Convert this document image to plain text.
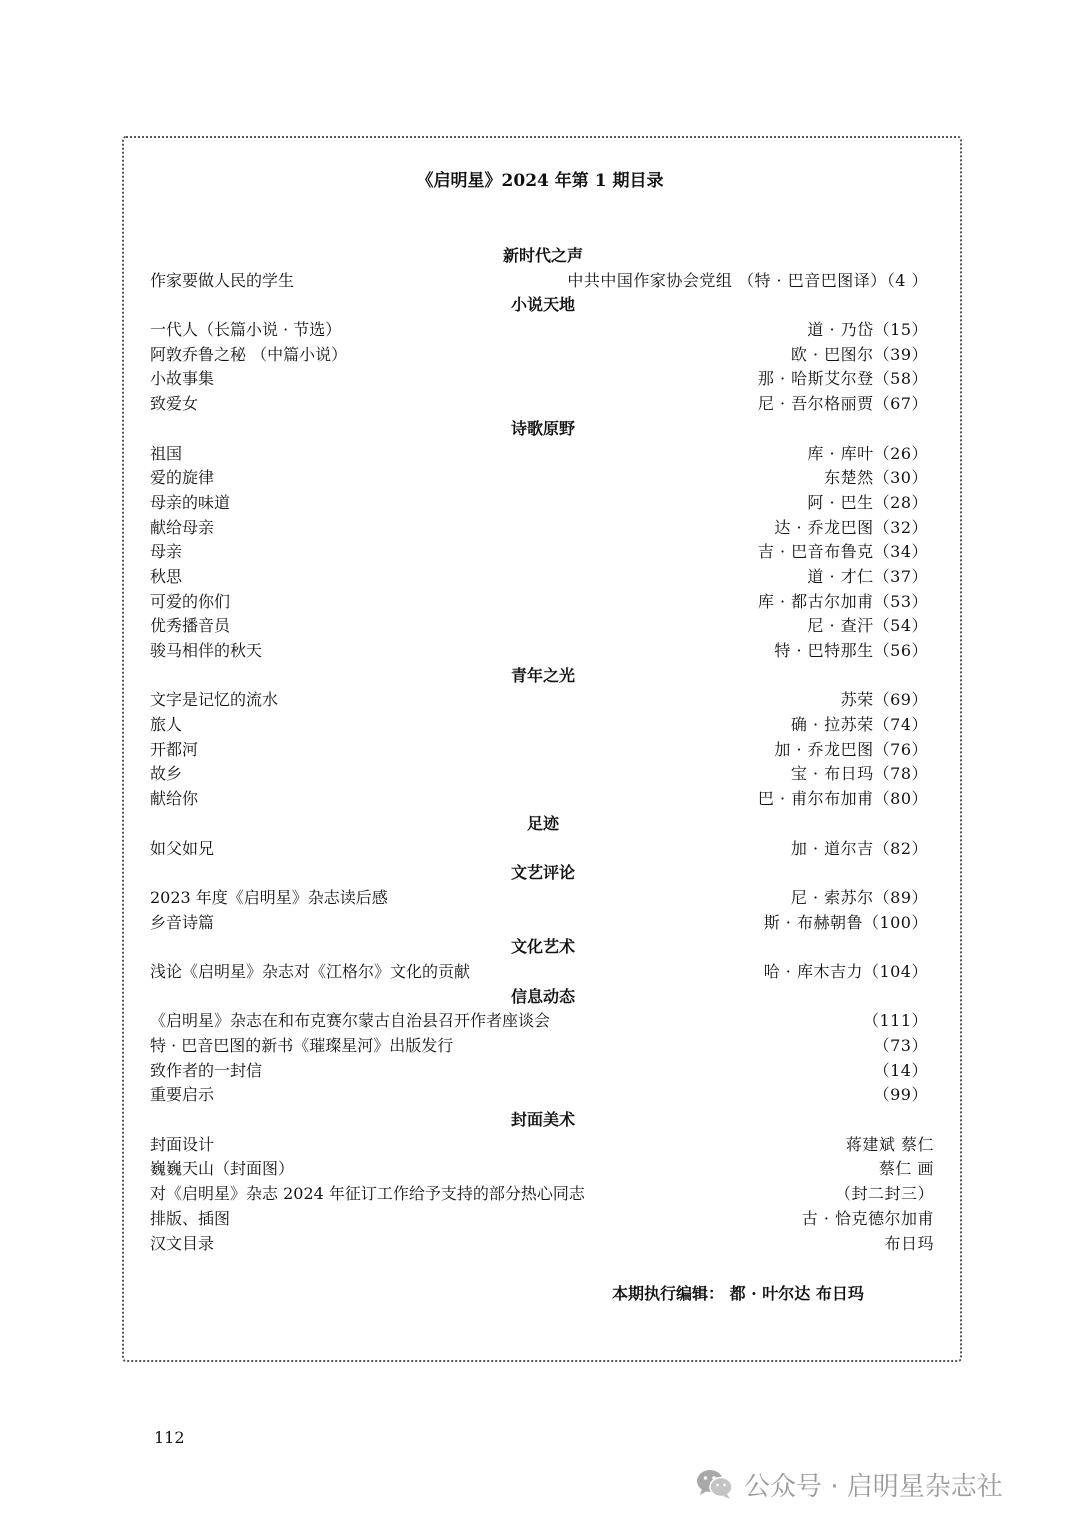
《启明星》2024 年第 1 期目录
新时代之声
作家要做人民的学生	中共中国作家协会党组 （特 · 巴音巴图译）（4 ）
小说天地
一代人（长篇小说 · 节选）	道 · 乃岱（15）
阿敦乔鲁之秘 （中篇小说）	欧 · 巴图尔（39）
小故事集	那 · 哈斯艾尔登（58）
致爱女	尼 · 吾尔格丽贾（67）
诗歌原野
祖国	库 · 库叶（26）
爱的旋律	东楚然（30）
母亲的味道	阿 · 巴生（28）
献给母亲	达 · 乔龙巴图（32）
母亲	吉 · 巴音布鲁克（34）
秋思	道 · 才仁（37）
可爱的你们	库 · 都古尔加甫（53）
优秀播音员	尼 · 查汗（54）
骏马相伴的秋天	特 · 巴特那生（56）
青年之光
文字是记忆的流水	苏荣（69）
旅人	确 · 拉苏荣（74）
开都河	加 · 乔龙巴图（76）
故乡	宝 · 布日玛（78）
献给你	巴 · 甫尔布加甫（80）
足迹
如父如兄	加 · 道尔吉（82）
文艺评论
2023 年度《启明星》杂志读后感	尼 · 索苏尔（89）
乡音诗篇	斯 · 布赫朝鲁（100）
文化艺术
浅论《启明星》杂志对《江格尔》文化的贡献	哈 · 库木吉力（104）
信息动态
《启明星》杂志在和布克赛尔蒙古自治县召开作者座谈会	（111）
特 · 巴音巴图的新书《璀璨星河》出版发行	（73）
致作者的一封信	（14）
重要启示	（99）
封面美术
封面设计	蒋建斌 蔡仁
巍巍天山（封面图）	蔡仁 画
对《启明星》杂志 2024 年征订工作给予支持的部分热心同志	（封二封三）
排版、插图	古 · 恰克德尔加甫
汉文目录	布日玛
本期执行编辑： 都 · 叶尔达 布日玛
112
公众号 · 启明星杂志社
